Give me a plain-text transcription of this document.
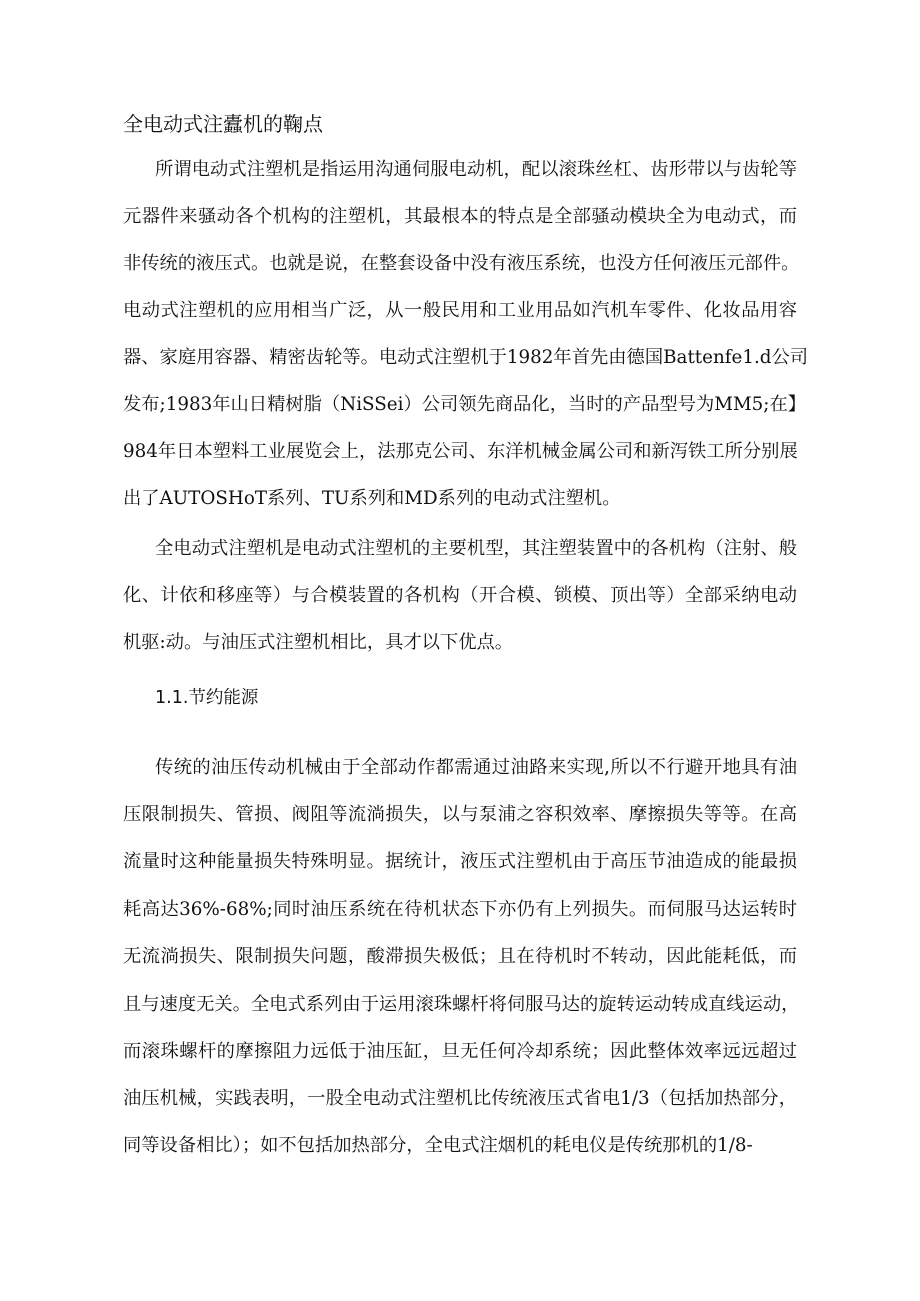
全电动式注蠹机的鞠点
所谓电动式注塑机是指运用沟通伺服电动机，配以滚珠丝杠、齿形带以与齿轮等
元器件来骚动各个机构的注塑机，其最根本的特点是全部骚动模块全为电动式，而
非传统的液压式。也就是说，在整套设备中没有液压系统，也没方任何液压元部件。
电动式注塑机的应用相当广泛，从一般民用和工业用品如汽机车零件、化妆品用容
器、家庭用容器、精密齿轮等。电动式注塑机于1982年首先由德国Battenfe1.d公司
发布;1983年山日精树脂（NiSSei）公司领先商品化，当时的产品型号为MM5;在】
984年日本塑料工业展览会上，法那克公司、东洋机械金属公司和新泻铁工所分别展
出了AUTOSHoT系列、TU系列和MD系列的电动式注塑机。
全电动式注塑机是电动式注塑机的主要机型，其注塑装置中的各机构（注射、般
化、计依和移座等）与合模装置的各机构（开合模、锁模、顶出等）全部采纳电动
机驱:动。与油压式注塑机相比，具才以下优点。
1.1.节约能源
传统的油压传动机械由于全部动作都需通过油路来实现,所以不行避开地具有油
压限制损失、管损、阀阻等流淌损失，以与泵浦之容积效率、摩擦损失等等。在高
流量时这种能量损失特殊明显。据统计，液压式注塑机由于高压节油造成的能最损
耗高达36%-68%;同时油压系统在待机状态下亦仍有上列损失。而伺服马达运转时
无流淌损失、限制损失问题，酸滞损失极低；且在待机时不转动，因此能耗低，而
且与速度无关。全电式系列由于运用滚珠螺杆将伺服马达的旋转运动转成直线运动，
而滚珠螺杆的摩擦阻力远低于油压缸，旦无任何冷却系统；因此整体效率远远超过
油压机械，实践表明，一股全电动式注塑机比传统液压式省电1/3（包括加热部分，
同等设备相比）；如不包括加热部分，全电式注烟机的耗电仪是传统那机的1/8-
